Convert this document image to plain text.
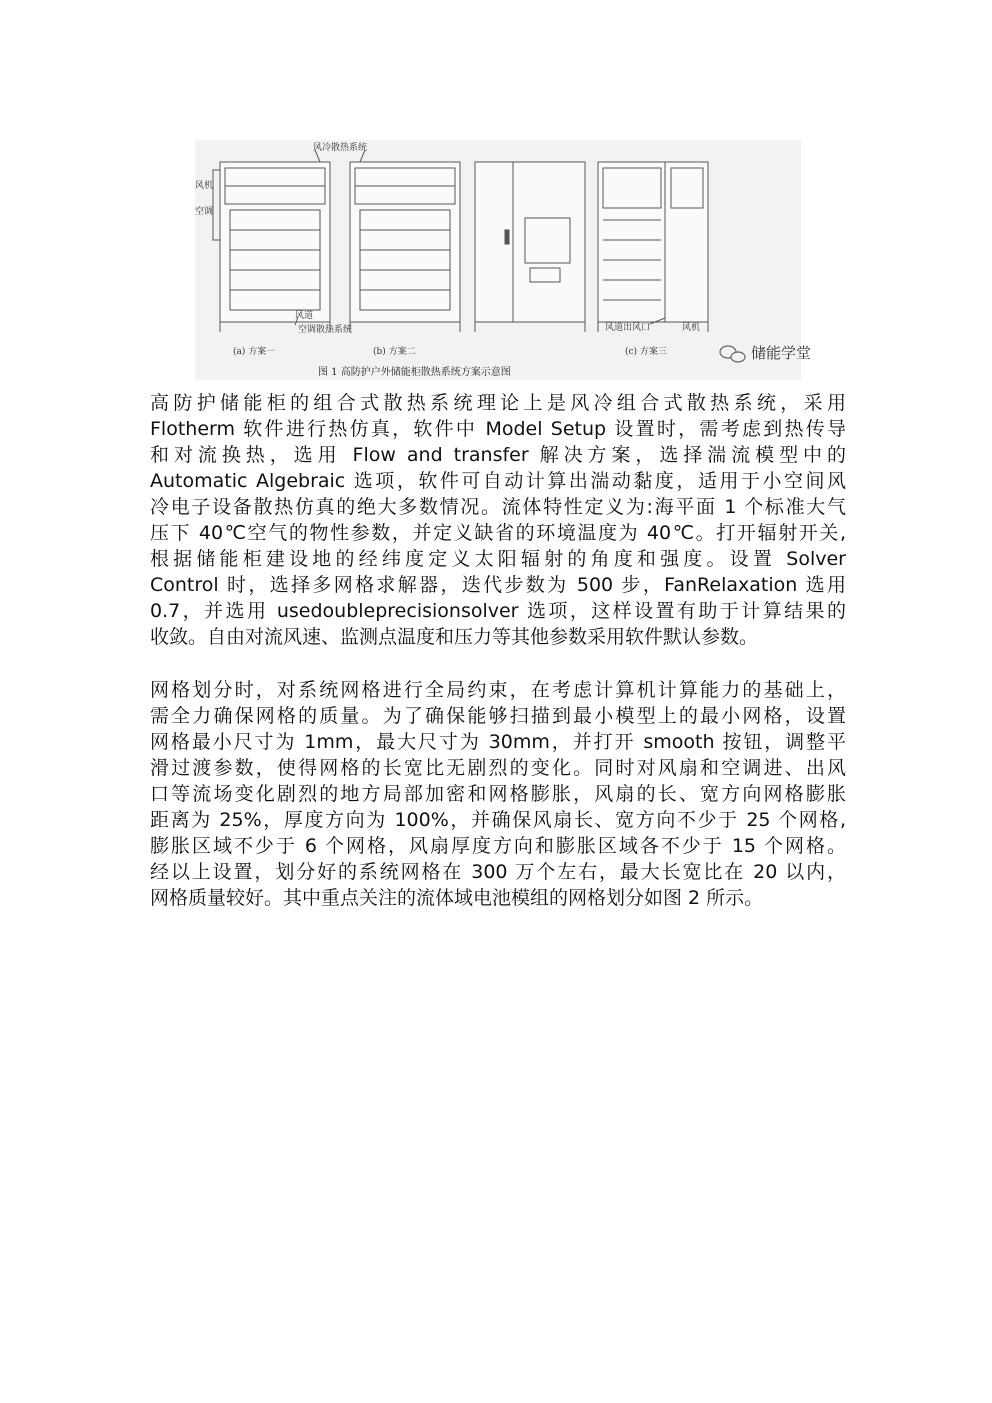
风冷散热系统
风机
空调
风道
空调散热系统	风道出风口	风机
(a) 方案一	(b) 方案二	(c) 方案三
图 1 高防护户外储能柜散热系统方案示意图
储能学堂
高防护储能柜的组合式散热系统理论上是风冷组合式散热系统，采用
Flotherm 软件进行热仿真，软件中 Model Setup 设置时，需考虑到热传导
和对流换热，选用 Flow and transfer 解决方案，选择湍流模型中的
Automatic Algebraic 选项，软件可自动计算出湍动黏度，适用于小空间风
冷电子设备散热仿真的绝大多数情况。流体特性定义为:海平面 1 个标准大气
压下 40℃空气的物性参数，并定义缺省的环境温度为 40℃。打开辐射开关,
根据储能柜建设地的经纬度定义太阳辐射的角度和强度。设置 Solver
Control 时，选择多网格求解器，迭代步数为 500 步，FanRelaxation 选用
0.7，并选用 usedoubleprecisionsolver 选项，这样设置有助于计算结果的
收敛。自由对流风速、监测点温度和压力等其他参数采用软件默认参数。
网格划分时，对系统网格进行全局约束，在考虑计算机计算能力的基础上，
需全力确保网格的质量。为了确保能够扫描到最小模型上的最小网格，设置
网格最小尺寸为 1mm，最大尺寸为 30mm，并打开 smooth 按钮，调整平
滑过渡参数，使得网格的长宽比无剧烈的变化。同时对风扇和空调进、出风
口等流场变化剧烈的地方局部加密和网格膨胀，风扇的长、宽方向网格膨胀
距离为 25%，厚度方向为 100%，并确保风扇长、宽方向不少于 25 个网格,
膨胀区域不少于 6 个网格，风扇厚度方向和膨胀区域各不少于 15 个网格。
经以上设置，划分好的系统网格在 300 万个左右，最大长宽比在 20 以内，
网格质量较好。其中重点关注的流体域电池模组的网格划分如图 2 所示。
